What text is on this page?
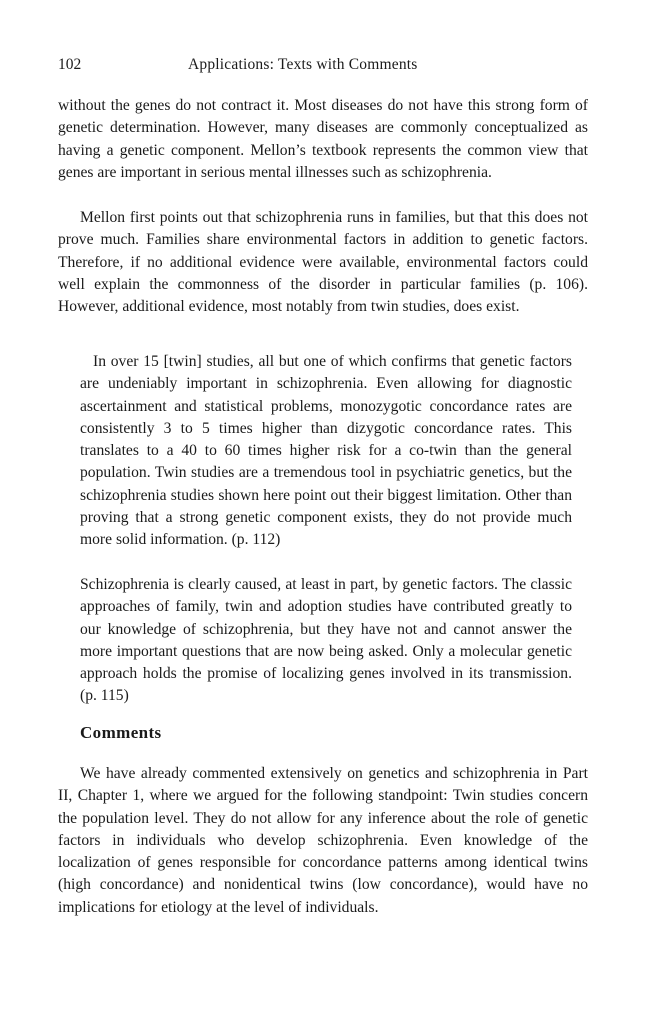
102	Applications: Texts with Comments

without the genes do not contract it. Most diseases do not have this strong form of genetic determination. However, many diseases are commonly conceptualized as having a genetic component. Mellon’s textbook represents the common view that genes are important in serious mental illnesses such as schizophrenia.

Mellon first points out that schizophrenia runs in families, but that this does not prove much. Families share environmental factors in addition to genetic factors. Therefore, if no additional evidence were available, environmental factors could well explain the commonness of the disorder in particular families (p. 106). However, additional evidence, most notably from twin studies, does exist.

In over 15 [twin] studies, all but one of which confirms that genetic factors are undeniably important in schizophrenia. Even allowing for diagnostic ascertainment and statistical problems, monozygotic concordance rates are consistently 3 to 5 times higher than dizygotic concordance rates. This translates to a 40 to 60 times higher risk for a co-twin than the general population. Twin studies are a tremendous tool in psychiatric genetics, but the schizophrenia studies shown here point out their biggest limitation. Other than proving that a strong genetic component exists, they do not provide much more solid information. (p. 112)

Schizophrenia is clearly caused, at least in part, by genetic factors. The classic approaches of family, twin and adoption studies have contributed greatly to our knowledge of schizophrenia, but they have not and cannot answer the more important questions that are now being asked. Only a molecular genetic approach holds the promise of localizing genes involved in its transmission. (p. 115)

Comments

We have already commented extensively on genetics and schizophrenia in Part II, Chapter 1, where we argued for the following standpoint: Twin studies concern the population level. They do not allow for any inference about the role of genetic factors in individuals who develop schizophrenia. Even knowledge of the localization of genes responsible for concordance patterns among identical twins (high concordance) and nonidentical twins (low concordance), would have no implications for etiology at the level of individuals.
